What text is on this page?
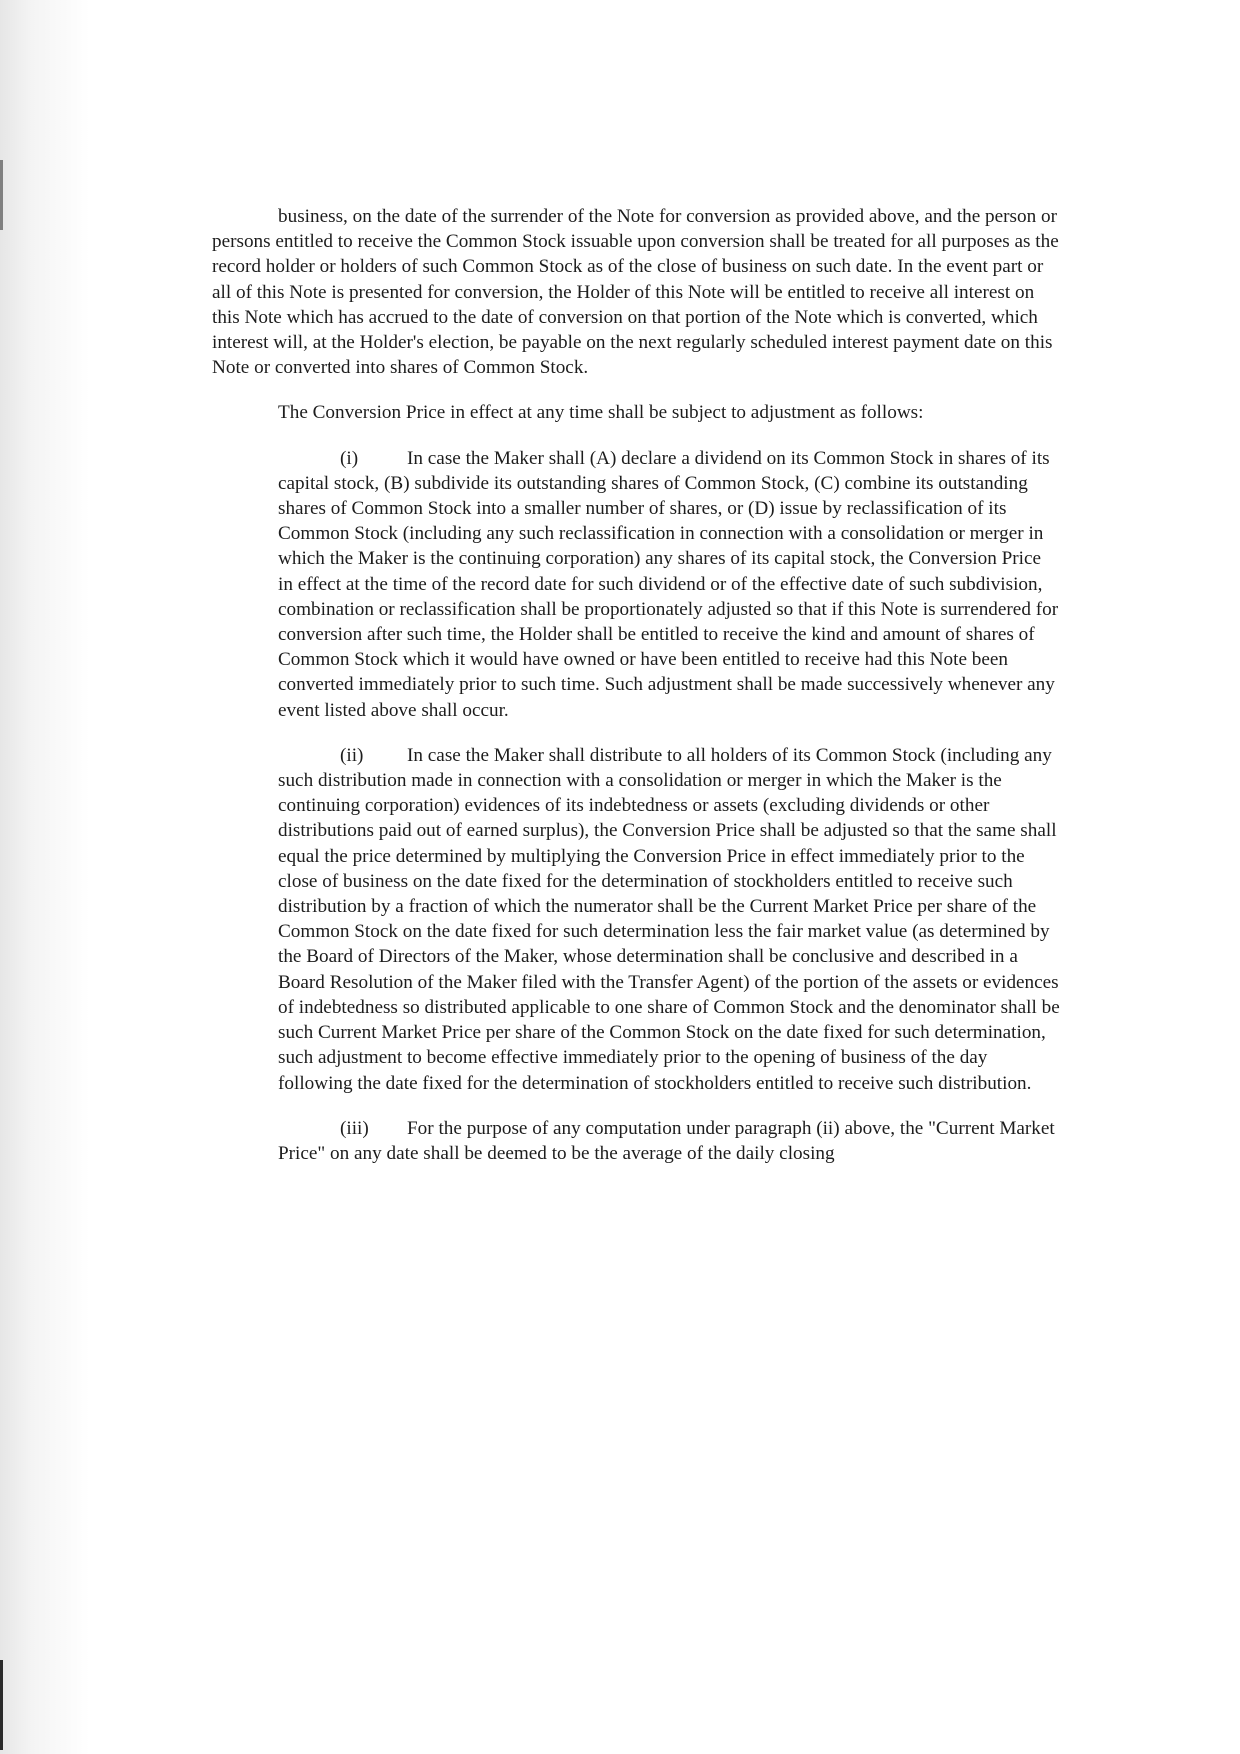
business, on the date of the surrender of the Note for conversion as provided above, and the person or persons entitled to receive the Common Stock issuable upon conversion shall be treated for all purposes as the record holder or holders of such Common Stock as of the close of business on such date. In the event part or all of this Note is presented for conversion, the Holder of this Note will be entitled to receive all interest on this Note which has accrued to the date of conversion on that portion of the Note which is converted, which interest will, at the Holder's election, be payable on the next regularly scheduled interest payment date on this Note or converted into shares of Common Stock.

The Conversion Price in effect at any time shall be subject to adjustment as follows:

(i)	In case the Maker shall (A) declare a dividend on its Common Stock in shares of its capital stock, (B) subdivide its outstanding shares of Common Stock, (C) combine its outstanding shares of Common Stock into a smaller number of shares, or (D) issue by reclassification of its Common Stock (including any such reclassification in connection with a consolidation or merger in which the Maker is the continuing corporation) any shares of its capital stock, the Conversion Price in effect at the time of the record date for such dividend or of the effective date of such subdivision, combination or reclassification shall be proportionately adjusted so that if this Note is surrendered for conversion after such time, the Holder shall be entitled to receive the kind and amount of shares of Common Stock which it would have owned or have been entitled to receive had this Note been converted immediately prior to such time. Such adjustment shall be made successively whenever any event listed above shall occur.

(ii) In case the Maker shall distribute to all holders of its Common Stock (including any such distribution made in connection with a consolidation or merger in which the Maker is the continuing corporation) evidences of its indebtedness or assets (excluding dividends or other distributions paid out of earned surplus), the Conversion Price shall be adjusted so that the same shall equal the price determined by multiplying the Conversion Price in effect immediately prior to the close of business on the date fixed for the determination of stockholders entitled to receive such distribution by a fraction of which the numerator shall be the Current Market Price per share of the Common Stock on the date fixed for such determination less the fair market value (as determined by the Board of Directors of the Maker, whose determination shall be conclusive and described in a Board Resolution of the Maker filed with the Transfer Agent) of the portion of the assets or evidences of indebtedness so distributed applicable to one share of Common Stock and the denominator shall be such Current Market Price per share of the Common Stock on the date fixed for such determination, such adjustment to become effective immediately prior to the opening of business of the day following the date fixed for the determination of stockholders entitled to receive such distribution.

(iii) For the purpose of any computation under paragraph (ii) above, the "Current Market Price" on any date shall be deemed to be the average of the daily closing
